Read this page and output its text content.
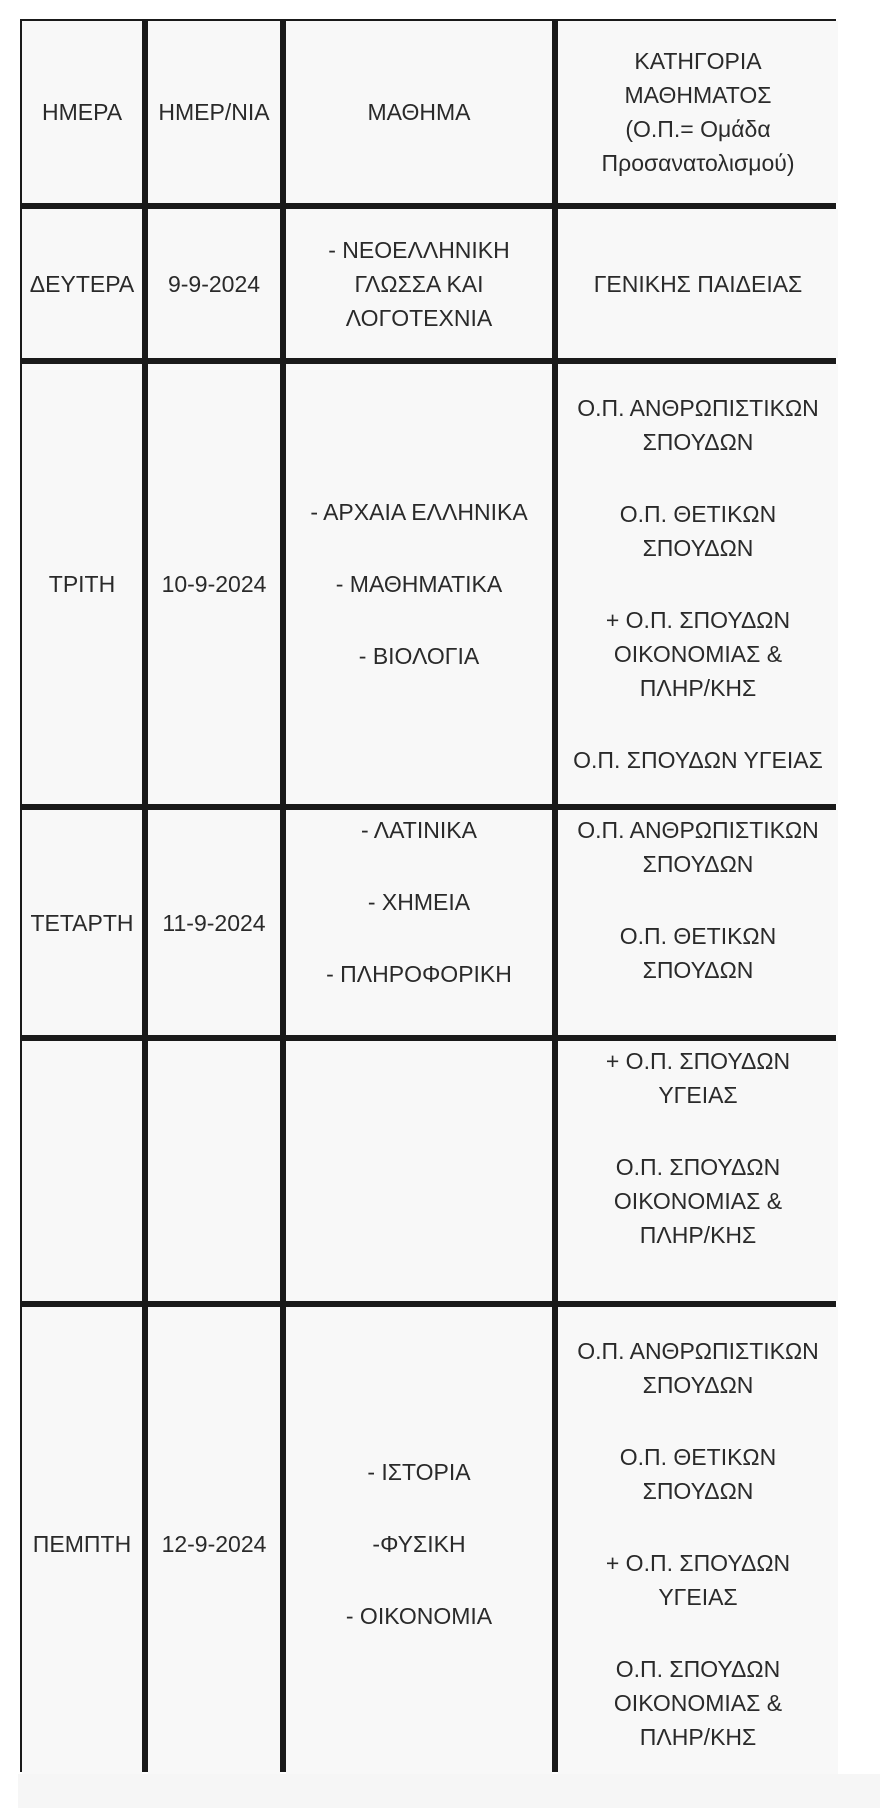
ΗΜΕΡΑ ΗΜΕΡ/ΝΙΑ	ΜΑΘΗΜΑ
ΚΑΤΗΓΟΡΙΑ
ΜΑΘΗΜΑΤΟΣ
(Ο.Π.= Ομάδα
Προσανατολισμού)
ΔΕΥΤΕΡΑ 9-9-2024
- ΝΕΟΕΛΛΗΝΙΚΗ
ΓΛΩΣΣΑ ΚΑΙ
ΛΟΓΟΤΕΧΝΙΑ
ΓΕΝΙΚΗΣ ΠΑΙΔΕΙΑΣ
ΤΡΙΤΗ 10-9-2024
- ΑΡΧΑΙΑ ΕΛΛΗΝΙΚΑ
- ΜΑΘΗΜΑΤΙΚΑ
- ΒΙΟΛΟΓΙΑ
Ο.Π. ΑΝΘΡΩΠΙΣΤΙΚΩΝ
ΣΠΟΥΔΩΝ
Ο.Π. ΘΕΤΙΚΩΝ
ΣΠΟΥΔΩΝ
+ Ο.Π. ΣΠΟΥΔΩΝ
ΟΙΚΟΝΟΜΙΑΣ &
ΠΛΗΡ/ΚΗΣ
Ο.Π. ΣΠΟΥΔΩΝ ΥΓΕΙΑΣ
ΤΕΤΑΡΤΗ 11-9-2024
- ΛΑΤΙΝΙΚΑ
- ΧΗΜΕΙΑ
- ΠΛΗΡΟΦΟΡΙΚΗ
Ο.Π. ΑΝΘΡΩΠΙΣΤΙΚΩΝ
ΣΠΟΥΔΩΝ
Ο.Π. ΘΕΤΙΚΩΝ
ΣΠΟΥΔΩΝ
+ Ο.Π. ΣΠΟΥΔΩΝ
ΥΓΕΙΑΣ
Ο.Π. ΣΠΟΥΔΩΝ
ΟΙΚΟΝΟΜΙΑΣ &
ΠΛΗΡ/ΚΗΣ
ΠΕΜΠΤΗ 12-9-2024
- ΙΣΤΟΡΙΑ
-ΦΥΣΙΚΗ
- ΟΙΚΟΝΟΜΙΑ
Ο.Π. ΑΝΘΡΩΠΙΣΤΙΚΩΝ
ΣΠΟΥΔΩΝ
Ο.Π. ΘΕΤΙΚΩΝ
ΣΠΟΥΔΩΝ
+ Ο.Π. ΣΠΟΥΔΩΝ
ΥΓΕΙΑΣ
Ο.Π. ΣΠΟΥΔΩΝ
ΟΙΚΟΝΟΜΙΑΣ &
ΠΛΗΡ/ΚΗΣ
